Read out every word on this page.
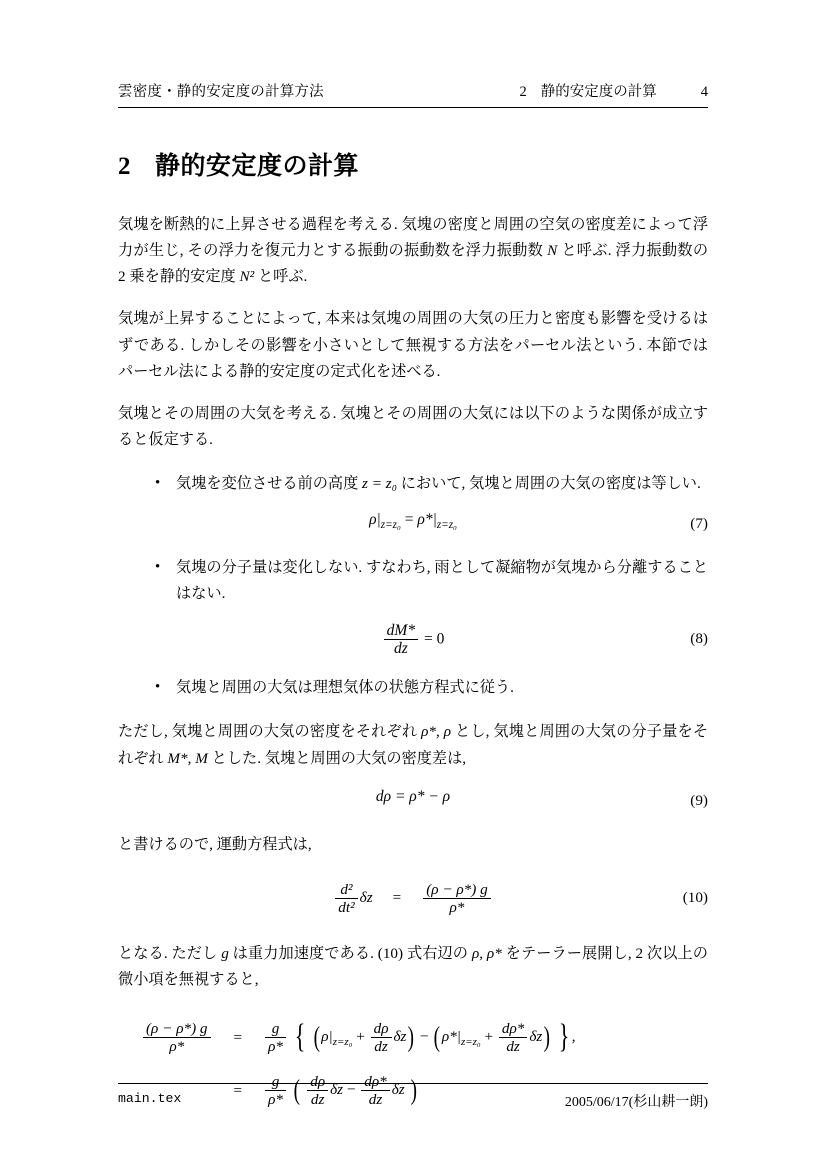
雲密度・静的安定度の計算方法	2 静的安定度の計算	4
2 静的安定度の計算

気塊を断熱的に上昇させる過程を考える. 気塊の密度と周囲の空気の密度差によって浮力が生じ, その浮力を復元力とする振動の振動数を浮力振動数 N と呼ぶ. 浮力振動数の 2 乗を静的安定度 N² と呼ぶ.

気塊が上昇することによって, 本来は気塊の周囲の大気の圧力と密度も影響を受けるはずである. しかしその影響を小さいとして無視する方法をパーセル法という. 本節ではパーセル法による静的安定度の定式化を述べる.

気塊とその周囲の大気を考える. 気塊とその周囲の大気には以下のような関係が成立すると仮定する.

• 気塊を変位させる前の高度 z = z₀ において, 気塊と周囲の大気の密度は等しい.
$\rho|_{z=z_0} = \rho*|_{z=z_0}$	(7)
• 気塊の分子量は変化しない. すなわち, 雨として凝縮物が気塊から分離することはない.
$\frac{dM*}{dz} = 0$	(8)
• 気塊と周囲の大気は理想気体の状態方程式に従う.

ただし, 気塊と周囲の大気の密度をそれぞれ ρ*, ρ とし, 気塊と周囲の大気の分子量をそれぞれ M*, M とした. 気塊と周囲の大気の密度差は,

dρ = ρ* − ρ	(9)

と書けるので, 運動方程式は,

$\frac{\text{d²}}{\text{dt²}}$ δz	=	$\frac{(\rho - \rho*) g}{\rho*}$	(10)

となる. ただし g は重力加速度である. (10) 式右辺の ρ, ρ* をテーラー展開し, 2 次以上の微小項を無視すると,

$\frac{(\rho - \rho*) g}{\rho*}$	=	$\frac{g}{\rho*}$ { ( $\rho|_{z=z_0} + \frac{d\rho}{dz} \delta z$) − ( $\rho*|_{z=z_0} + \frac{d\rho*}{dz} \delta z$) } ,
	=	$\frac{g}{\rho*}$ ( $\frac{d\rho}{dz}$ $\delta z - \frac{d\rho*}{dz}$ δz )
main.tex	2005/06/17(杉山耕一朗)
